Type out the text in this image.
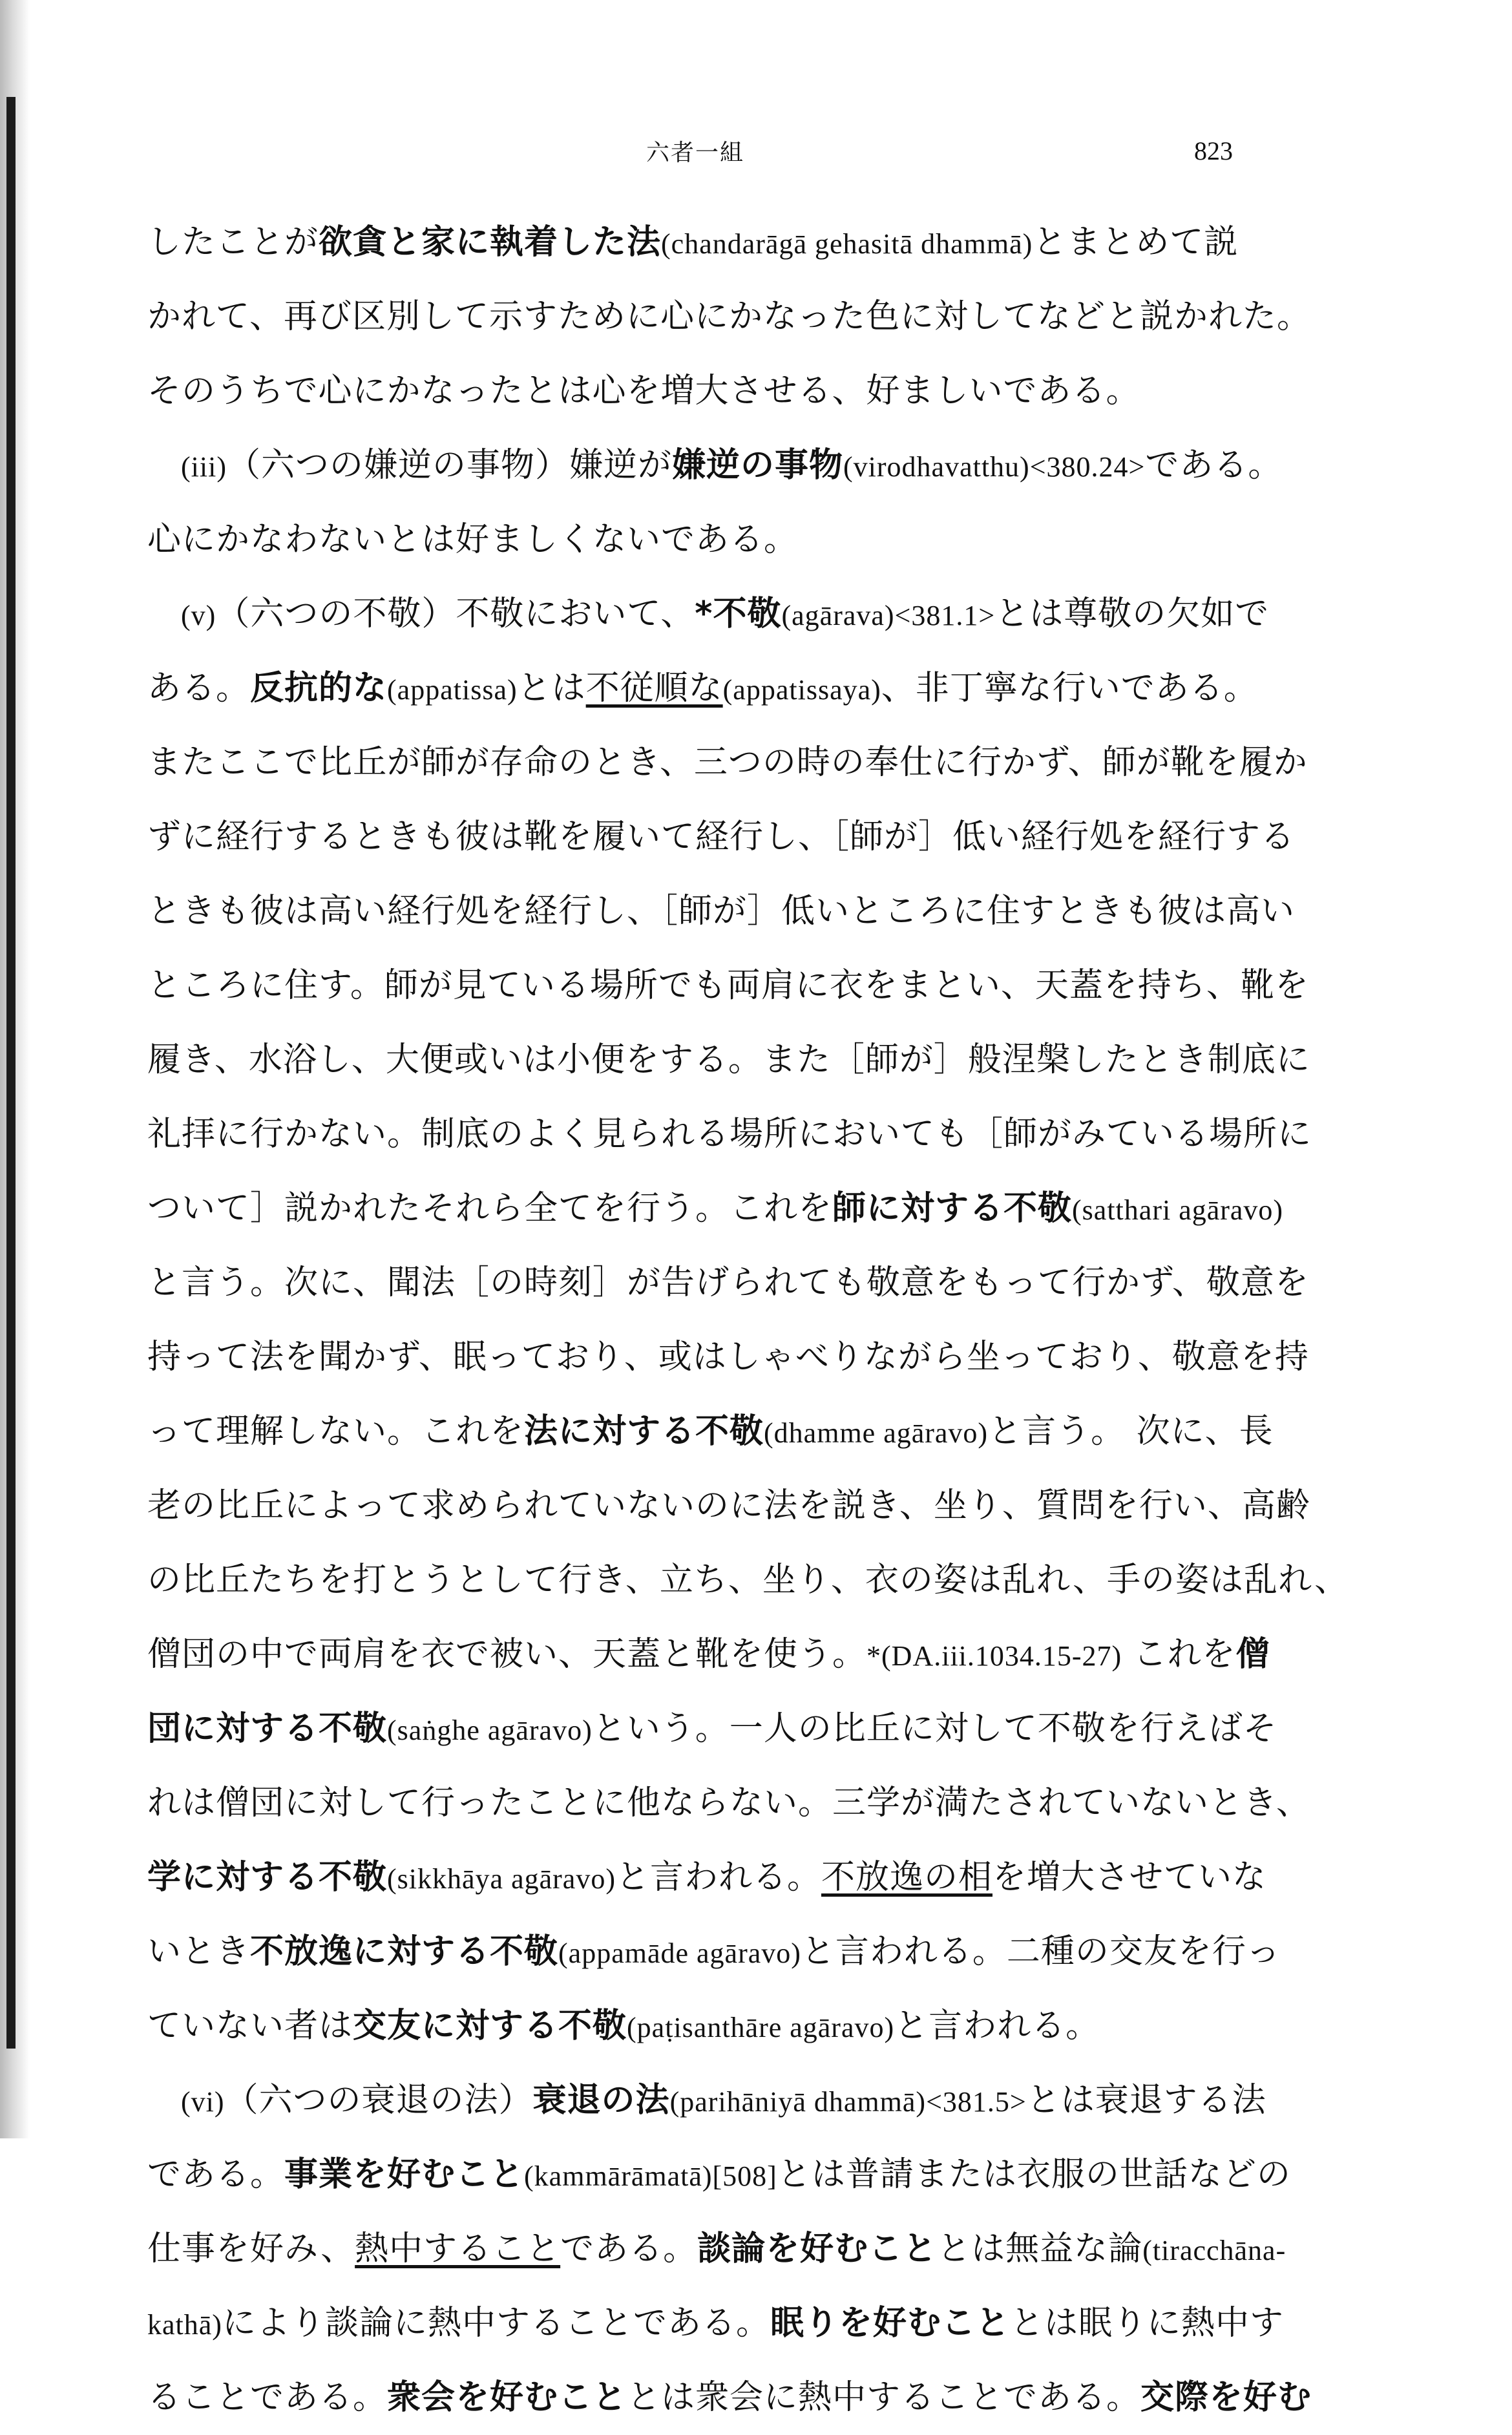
六者一組	823
したことが欲貪と家に執着した法(chandarāgā gehasitā dhammā)とまとめて説
かれて、再び区別して示すために心にかなった色に対してなどと説かれた。
そのうちで心にかなったとは心を増大させる、好ましいである。
(iii)（六つの嫌逆の事物）嫌逆が嫌逆の事物(virodhavatthu)<380.24>である。
心にかなわないとは好ましくないである。
(v)（六つの不敬）不敬において、*不敬(agārava)<381.1>とは尊敬の欠如で
ある。反抗的な(appatissa)とは不従順な(appatissaya)、非丁寧な行いである。
またここで比丘が師が存命のとき、三つの時の奉仕に行かず、師が靴を履か
ずに経行するときも彼は靴を履いて経行し、［師が］低い経行処を経行する
ときも彼は高い経行処を経行し、［師が］低いところに住すときも彼は高い
ところに住す。師が見ている場所でも両肩に衣をまとい、天蓋を持ち、靴を
履き、水浴し、大便或いは小便をする。また［師が］般涅槃したとき制底に
礼拝に行かない。制底のよく見られる場所においても［師がみている場所に
ついて］説かれたそれら全てを行う。これを師に対する不敬(satthari agāravo)
と言う。次に、聞法［の時刻］が告げられても敬意をもって行かず、敬意を
持って法を聞かず、眠っており、或はしゃべりながら坐っており、敬意を持
って理解しない。これを法に対する不敬(dhamme agāravo)と言う。 次に、長
老の比丘によって求められていないのに法を説き、坐り、質問を行い、高齢
の比丘たちを打とうとして行き、立ち、坐り、衣の姿は乱れ、手の姿は乱れ、
僧団の中で両肩を衣で被い、天蓋と靴を使う。*(DA.iii.1034.15-27) これを僧
団に対する不敬(saṅghe agāravo)という。一人の比丘に対して不敬を行えばそ
れは僧団に対して行ったことに他ならない。三学が満たされていないとき、
学に対する不敬(sikkhāya agāravo)と言われる。不放逸の相を増大させていな
いとき不放逸に対する不敬(appamāde agāravo)と言われる。二種の交友を行っ
ていない者は交友に対する不敬(paṭisanthāre agāravo)と言われる。
(vi)（六つの衰退の法）衰退の法(parihāniyā dhammā)<381.5>とは衰退する法
である。事業を好むこと(kammārāmatā)[508]とは普請または衣服の世話などの
仕事を好み、熱中することである。談論を好むこととは無益な論(tiracchāna-
kathā)により談論に熱中することである。眠りを好むこととは眠りに熱中す
ることである。衆会を好むこととは衆会に熱中することである。交際を好む
